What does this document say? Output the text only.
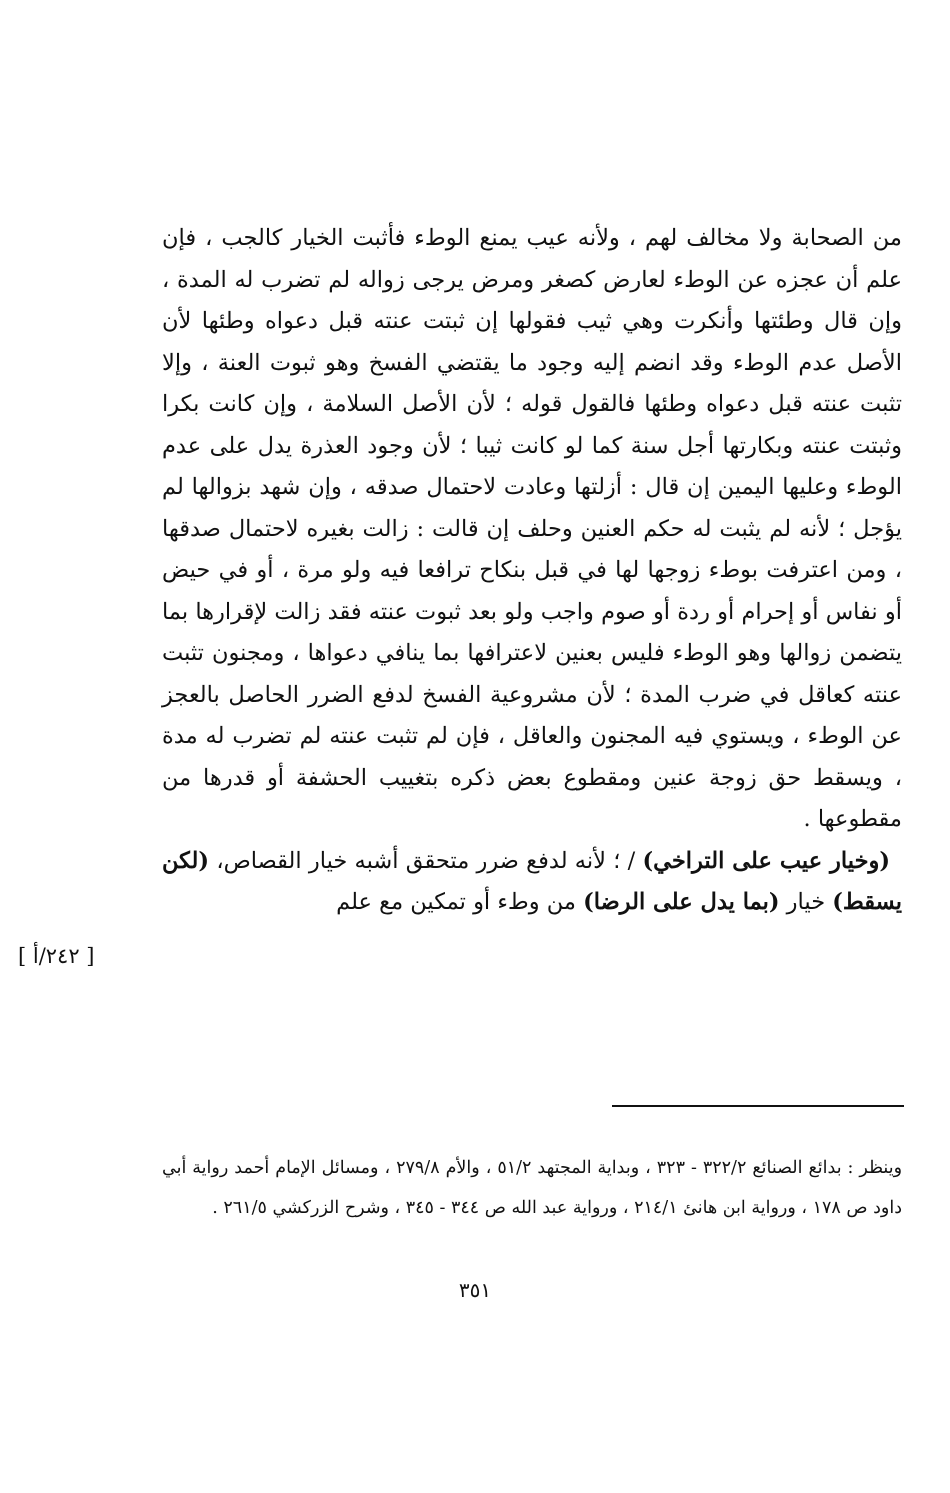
من الصحابة ولا مخالف لهم ، ولأنه عيب يمنع الوطء فأثبت الخيار كالجب ، فإن علم أن عجزه عن الوطء لعارض كصغر ومرض يرجى زواله لم تضرب له المدة ، وإن قال وطئتها وأنكرت وهي ثيب فقولها إن ثبتت عنته قبل دعواه وطئها لأن الأصل عدم الوطء وقد انضم إليه وجود ما يقتضي الفسخ وهو ثبوت العنة ، وإلا تثبت عنته قبل دعواه وطئها فالقول قوله ؛ لأن الأصل السلامة ، وإن كانت بكرا وثبتت عنته وبكارتها أجل سنة كما لو كانت ثيبا ؛ لأن وجود العذرة يدل على عدم الوطء وعليها اليمين إن قال : أزلتها وعادت لاحتمال صدقه ، وإن شهد بزوالها لم يؤجل ؛ لأنه لم يثبت له حكم العنين وحلف إن قالت : زالت بغيره لاحتمال صدقها ، ومن اعترفت بوطء زوجها لها في قبل بنكاح ترافعا فيه ولو مرة ، أو في حيض أو نفاس أو إحرام أو ردة أو صوم واجب ولو بعد ثبوت عنته فقد زالت لإقرارها بما يتضمن زوالها وهو الوطء فليس بعنين لاعترافها بما ينافي دعواها ، ومجنون تثبت عنته كعاقل في ضرب المدة ؛ لأن مشروعية الفسخ لدفع الضرر الحاصل بالعجز عن الوطء ، ويستوي فيه المجنون والعاقل ، فإن لم تثبت عنته لم تضرب له مدة ، ويسقط حق زوجة عنين ومقطوع بعض ذكره بتغييب الحشفة أو قدرها من مقطوعها .

(وخيار عيب على التراخي) / ؛ لأنه لدفع ضرر متحقق أشبه خيار القصاص، (لكن يسقط) خيار (بما يدل على الرضا) من وطء أو تمكين مع علم

[ ٢٤٢/أ ]

وينظر : بدائع الصنائع ٣٢٢/٢ - ٣٢٣ ، وبداية المجتهد ٥١/٢ ، والأم ٢٧٩/٨ ، ومسائل الإمام أحمد رواية أبي داود ص ١٧٨ ، ورواية ابن هانئ ٢١٤/١ ، ورواية عبد الله ص ٣٤٤ - ٣٤٥ ، وشرح الزركشي ٢٦١/٥ .

٣٥١
